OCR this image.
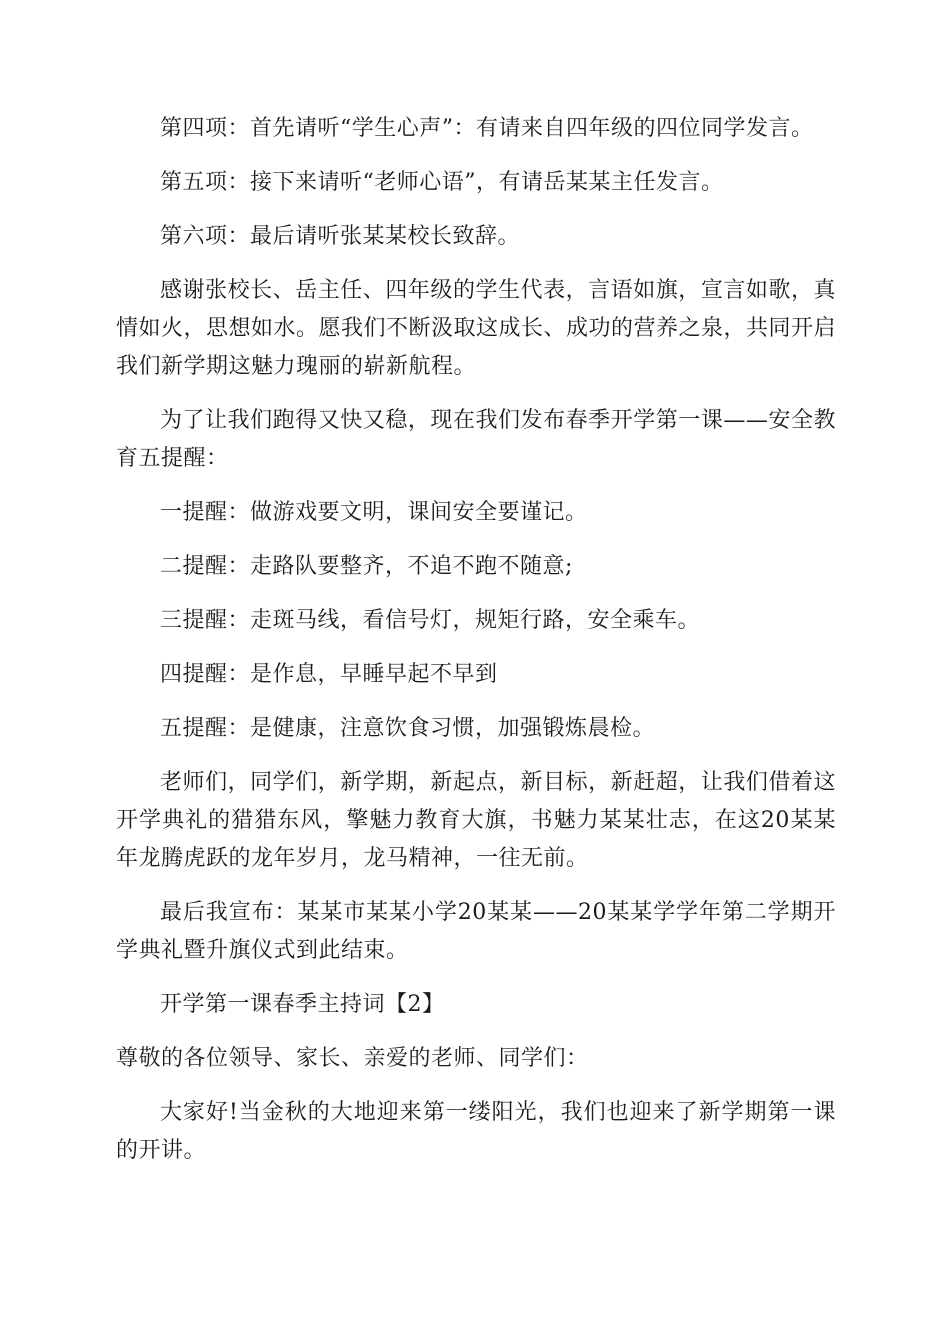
第四项：首先请听“学生心声”：有请来自四年级的四位同学发言。

第五项：接下来请听“老师心语”，有请岳某某主任发言。

第六项：最后请听张某某校长致辞。

感谢张校长、岳主任、四年级的学生代表，言语如旗，宣言如歌，真情如火，思想如水。愿我们不断汲取这成长、成功的营养之泉，共同开启我们新学期这魅力瑰丽的崭新航程。

为了让我们跑得又快又稳，现在我们发布春季开学第一课——安全教育五提醒：

一提醒：做游戏要文明，课间安全要谨记。

二提醒：走路队要整齐，不追不跑不随意;

三提醒：走斑马线，看信号灯，规矩行路，安全乘车。

四提醒：是作息，早睡早起不早到

五提醒：是健康，注意饮食习惯，加强锻炼晨检。

老师们，同学们，新学期，新起点，新目标，新赶超，让我们借着这开学典礼的猎猎东风，擎魅力教育大旗，书魅力某某壮志，在这20某某年龙腾虎跃的龙年岁月，龙马精神，一往无前。

最后我宣布：某某市某某小学20某某——20某某学学年第二学期开学典礼暨升旗仪式到此结束。

开学第一课春季主持词【2】

尊敬的各位领导、家长、亲爱的老师、同学们：

大家好!当金秋的大地迎来第一缕阳光，我们也迎来了新学期第一课的开讲。
